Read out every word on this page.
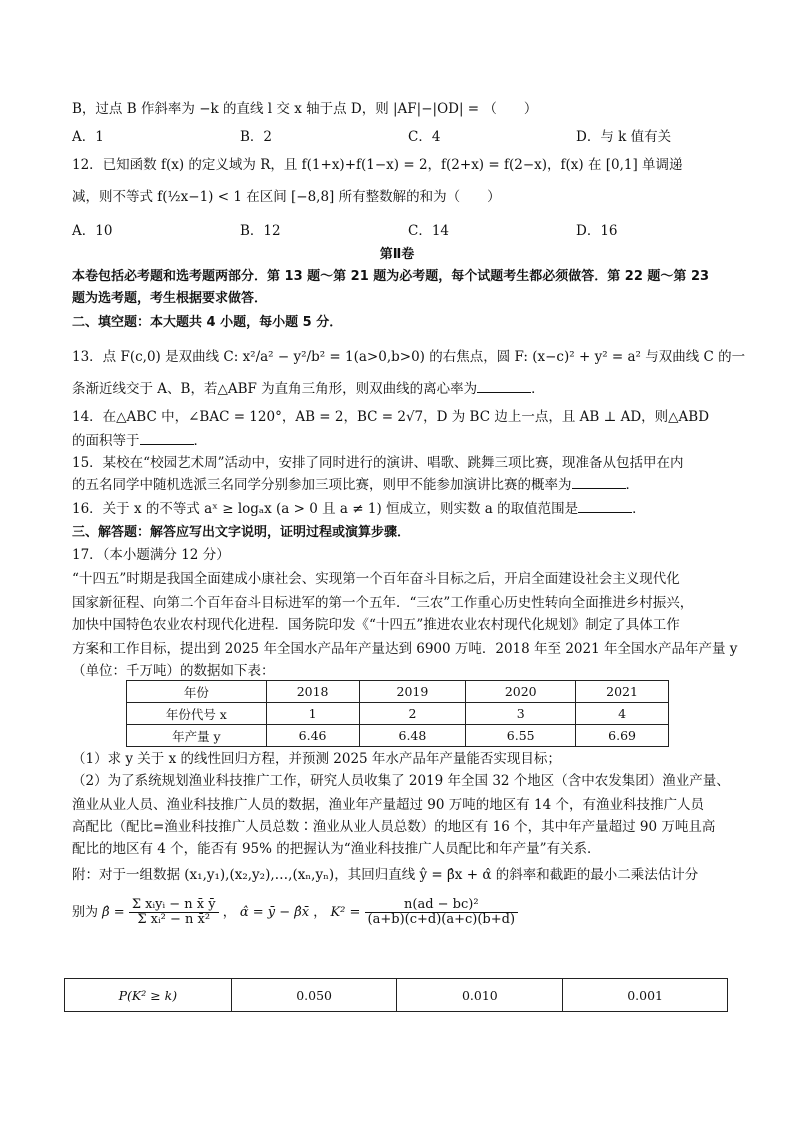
B，过点 B 作斜率为 −k 的直线 l 交 x 轴于点 D，则 |AF|−|OD| = （　　）
A．1	B．2	C．4	D．与 k 值有关
12．已知函数 f(x) 的定义域为 R，且 f(1+x)+f(1−x) = 2，f(2+x) = f(2−x)，f(x) 在 [0,1] 单调递
减，则不等式 f(½x−1) < 1 在区间 [−8,8] 所有整数解的和为（　　）
A．10	B．12	C．14	D．16
第Ⅱ卷
本卷包括必考题和选考题两部分．第 13 题～第 21 题为必考题，每个试题考生都必须做答．第 22 题～第 23
题为选考题，考生根据要求做答．
二、填空题：本大题共 4 小题，每小题 5 分．
13．点 F(c,0) 是双曲线 C: x²/a² − y²/b² = 1(a>0,b>0) 的右焦点，圆 F: (x−c)² + y² = a² 与双曲线 C 的一
条渐近线交于 A、B，若△ABF 为直角三角形，则双曲线的离心率为	．
14．在△ABC 中，∠BAC = 120°，AB = 2，BC = 2√7，D 为 BC 边上一点，且 AB ⊥ AD，则△ABD
的面积等于	．
15．某校在“校园艺术周”活动中，安排了同时进行的演讲、唱歌、跳舞三项比赛，现准备从包括甲在内
的五名同学中随机选派三名同学分别参加三项比赛，则甲不能参加演讲比赛的概率为	．
16．关于 x 的不等式 aˣ ≥ logₐx (a > 0 且 a ≠ 1) 恒成立，则实数 a 的取值范围是	．
三、解答题：解答应写出文字说明，证明过程或演算步骤．
17．（本小题满分 12 分）
“十四五”时期是我国全面建成小康社会、实现第一个百年奋斗目标之后，开启全面建设社会主义现代化
国家新征程、向第二个百年奋斗目标进军的第一个五年．“三农”工作重心历史性转向全面推进乡村振兴，
加快中国特色农业农村现代化进程．国务院印发《“十四五”推进农业农村现代化规划》制定了具体工作
方案和工作目标，提出到 2025 年全国水产品年产量达到 6900 万吨．2018 年至 2021 年全国水产品年产量 y
（单位：千万吨）的数据如下表：
年份	2018	2019	2020	2021
年份代号 x	1	2	3	4
年产量 y	6.46	6.48	6.55	6.69
（1）求 y 关于 x 的线性回归方程，并预测 2025 年水产品年产量能否实现目标；
（2）为了系统规划渔业科技推广工作，研究人员收集了 2019 年全国 32 个地区（含中农发集团）渔业产量、
渔业从业人员、渔业科技推广人员的数据，渔业年产量超过 90 万吨的地区有 14 个，有渔业科技推广人员
高配比（配比=渔业科技推广人员总数∶渔业从业人员总数）的地区有 16 个，其中年产量超过 90 万吨且高
配比的地区有 4 个，能否有 95% 的把握认为“渔业科技推广人员配比和年产量”有关系．
附：对于一组数据 (x₁,y₁),(x₂,y₂),…,(xₙ,yₙ)，其回归直线 ŷ = β̂x + α̂ 的斜率和截距的最小二乘法估计分
别为 β̂ = $\frac{\text{Σ xᵢyᵢ − n x̄ ȳ}}{\text{Σ xᵢ² − n x̄²}}$ ， α̂ = ȳ − β̂x̄ ， $K^2 = \frac{\text{n(ad − bc)²}}{(a+b)(c+d)(a+c)(b+d)}$
P(K² ≥ k)	0.050	0.010	0.001
